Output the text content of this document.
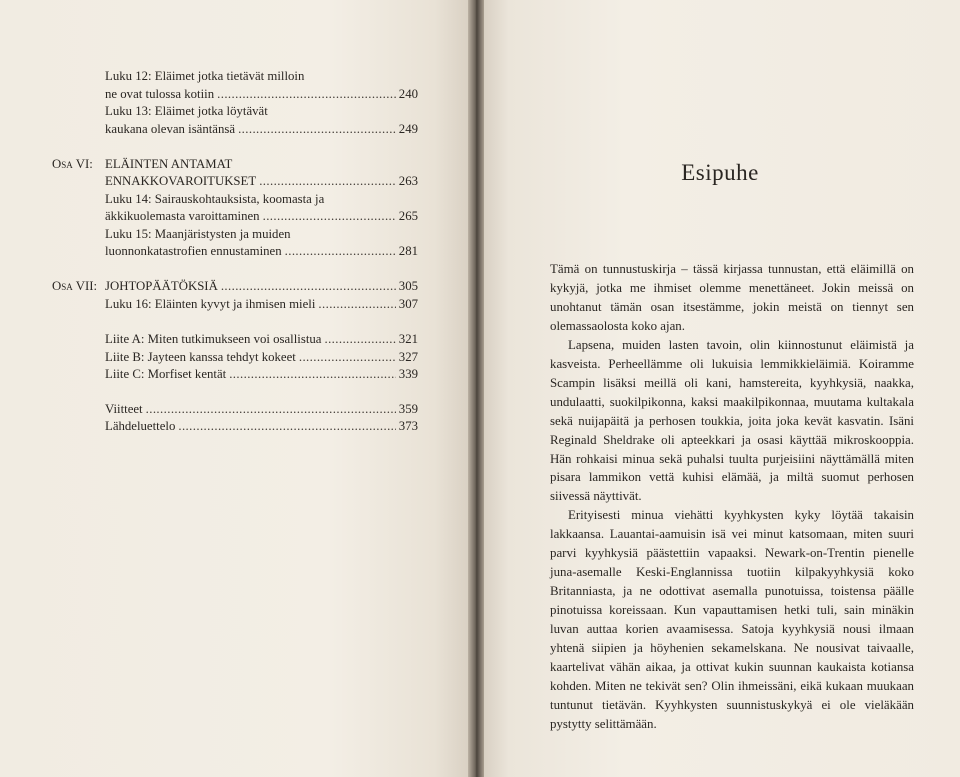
Luku 12: Eläimet jotka tietävät milloin
ne ovat tulossa kotiin . . .	240
Luku 13: Eläimet jotka löytävät
kaukana olevan isäntänsä . . .	249
Osa VI: ELÄINTEN ANTAMAT
ENNAKKOVAROITUKSET . . .	263
Luku 14: Sairauskohtauksista, koomasta ja
äkkikuolemasta varoittaminen . . .	265
Luku 15: Maanjäristysten ja muiden
luonnonkatastrofien ennustaminen . . .	281
Osa VII: JOHTOPÄÄTÖKSIÄ . . .	305
Luku 16: Eläinten kyvyt ja ihmisen mieli . . .	307
Liite A: Miten tutkimukseen voi osallistua . . .	321
Liite B: Jayteen kanssa tehdyt kokeet . . .	327
Liite C: Morfiset kentät . . .	339
Viitteet . . .	359
Lähdeluettelo . . .	373
Esipuhe

Tämä on tunnustuskirja – tässä kirjassa tunnustan, että eläimillä on kykyjä, jotka me ihmiset olemme menettäneet. Jokin meissä on unohtanut tämän osan itsestämme, jokin meistä on tiennyt sen olemassaolosta koko ajan.

Lapsena, muiden lasten tavoin, olin kiinnostunut eläimistä ja kasveista. Perheellämme oli lukuisia lemmikkieläimiä. Koiramme Scampin lisäksi meillä oli kani, hamstereita, kyyhkysiä, naakka, undulaatti, suokilpikonna, kaksi maakilpikonnaa, muutama kultakala sekä nuijapäitä ja perhosen toukkia, joita joka kevät kasvatin. Isäni Reginald Sheldrake oli apteekkari ja osasi käyttää mikroskooppia. Hän rohkaisi minua sekä puhalsi tuulta purjeisiini näyttämällä miten pisara lammikon vettä kuhisi elämää, ja miltä suomut perhosen siivessä näyttivät.

Erityisesti minua viehätti kyyhkysten kyky löytää takaisin lakkaansa. Lauantai-aamuisin isä vei minut katsomaan, miten suuri parvi kyyhkysiä päästettiin vapaaksi. Newark-on-Trentin pienelle juna-asemalle Keski-Englannissa tuotiin kilpakyyhkysiä koko Britanniasta, ja ne odottivat asemalla punotuissa, toistensa päälle pinotuissa koreissaan. Kun vapauttamisen hetki tuli, sain minäkin luvan auttaa korien avaamisessa. Satoja kyyhkysiä nousi ilmaan yhtenä siipien ja höyhenien sekamelskana. Ne nousivat taivaalle, kaartelivat vähän aikaa, ja ottivat kukin suunnan kaukaista kotiansa kohden. Miten ne tekivät sen? Olin ihmeissäni, eikä kukaan muukaan tuntunut tietävän. Kyyhkysten suunnistuskykyä ei ole vieläkään pystytty selittämään.
